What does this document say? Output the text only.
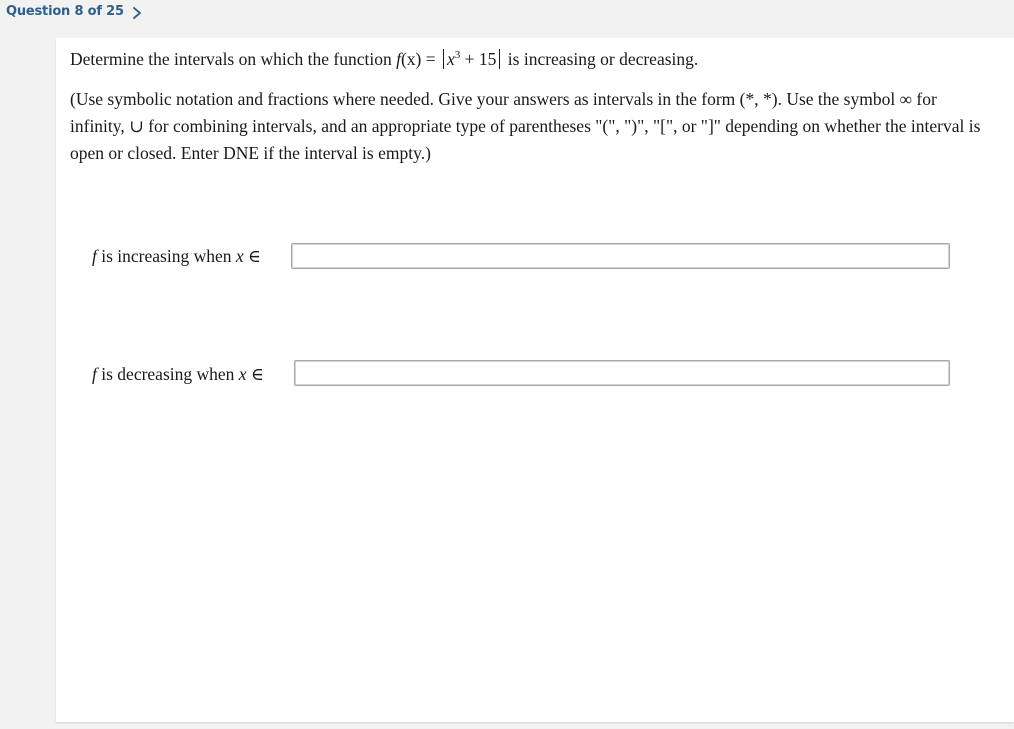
Question 8 of 25
Determine the intervals on which the function $f(x) = x^3 + 15$ is increasing or decreasing.
(Use symbolic notation and fractions where needed. Give your answers as intervals in the form (*, *). Use the symbol ∞ for infinity, ∪ for combining intervals, and an appropriate type of parentheses "(", ")", "[", or "]" depending on whether the interval is open or closed. Enter DNE if the interval is empty.)
f is increasing when x ∈
f is decreasing when x ∈
